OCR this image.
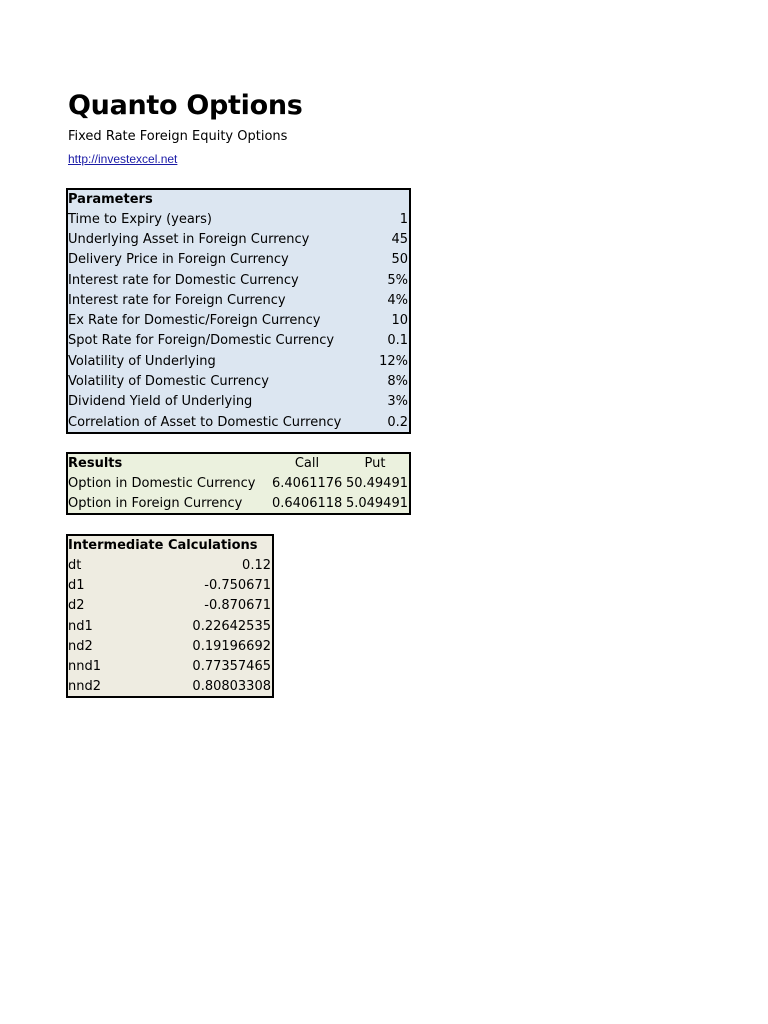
Quanto Options
Fixed Rate Foreign Equity Options
http://investexcel.net
Parameters
Time to Expiry (years)	1
Underlying Asset in Foreign Currency	45
Delivery Price in Foreign Currency	50
Interest rate for Domestic Currency	5%
Interest rate for Foreign Currency	4%
Ex Rate for Domestic/Foreign Currency	10
Spot Rate for Foreign/Domestic Currency	0.1
Volatility of Underlying	12%
Volatility of Domestic Currency	8%
Dividend Yield of Underlying	3%
Correlation of Asset to Domestic Currency	0.2
Results	Call	Put
Option in Domestic Currency	6.4061176 50.49491
Option in Foreign Currency	0.6406118 5.049491
Intermediate Calculations
dt	0.12
d1	-0.750671
d2	-0.870671
nd1	0.22642535
nd2	0.19196692
nnd1	0.77357465
nnd2	0.80803308
